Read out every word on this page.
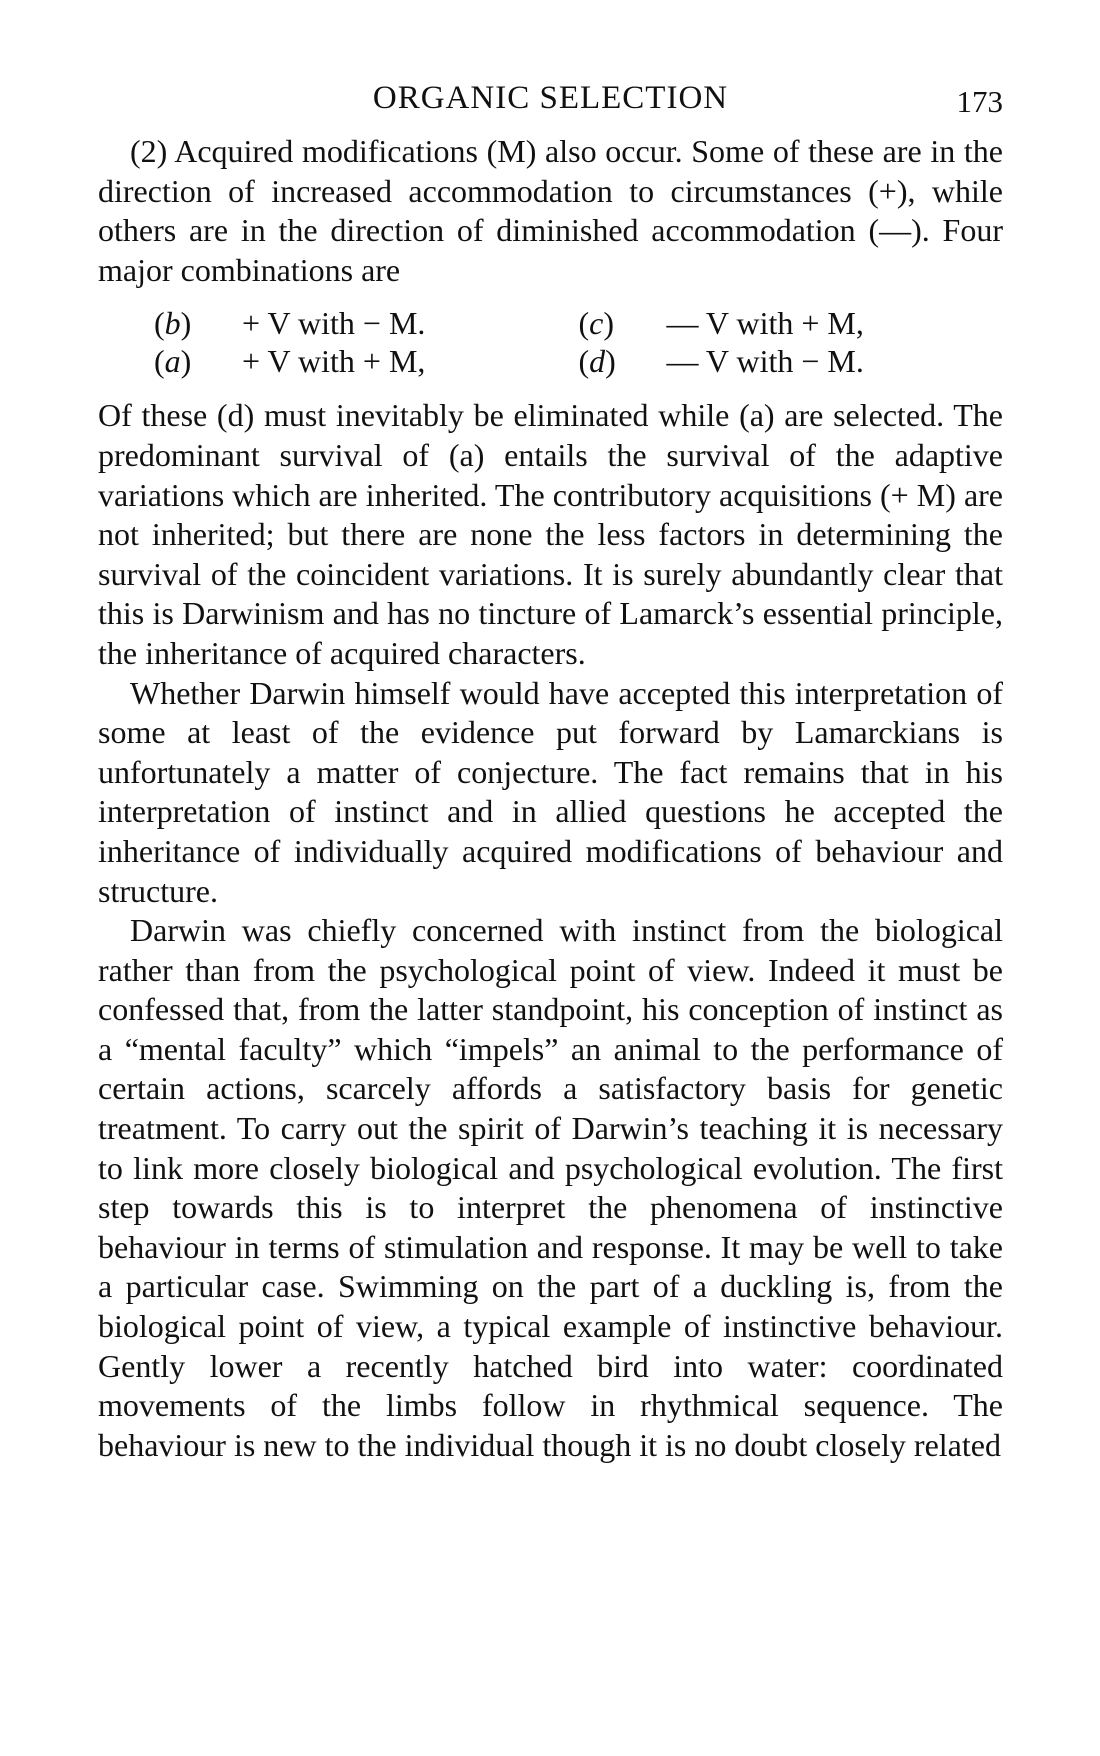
ORGANIC SELECTION	173

(2) Acquired modifications (M) also occur. Some of these are in the direction of increased accommodation to circumstances (+), while others are in the direction of diminished accommodation (—). Four major combinations are

(b)	+ V with − M.	(c)	— V with + M,
(a)	+ V with + M,	(d)	— V with − M.

Of these (d) must inevitably be eliminated while (a) are selected. The predominant survival of (a) entails the survival of the adaptive variations which are inherited. The contributory acquisitions (+ M) are not inherited; but there are none the less factors in determining the survival of the coincident variations. It is surely abundantly clear that this is Darwinism and has no tincture of Lamarck’s essential principle, the inheritance of acquired characters.

Whether Darwin himself would have accepted this interpretation of some at least of the evidence put forward by Lamarckians is unfortunately a matter of conjecture. The fact remains that in his interpretation of instinct and in allied questions he accepted the inheritance of individually acquired modifications of behaviour and structure.

Darwin was chiefly concerned with instinct from the biological rather than from the psychological point of view. Indeed it must be confessed that, from the latter standpoint, his conception of instinct as a “mental faculty” which “impels” an animal to the performance of certain actions, scarcely affords a satisfactory basis for genetic treatment. To carry out the spirit of Darwin’s teaching it is necessary to link more closely biological and psychological evolution. The first step towards this is to interpret the phenomena of instinctive behaviour in terms of stimulation and response. It may be well to take a particular case. Swimming on the part of a duckling is, from the biological point of view, a typical example of instinctive behaviour. Gently lower a recently hatched bird into water: coordinated movements of the limbs follow in rhythmical sequence. The behaviour is new to the individual though it is no doubt closely related
